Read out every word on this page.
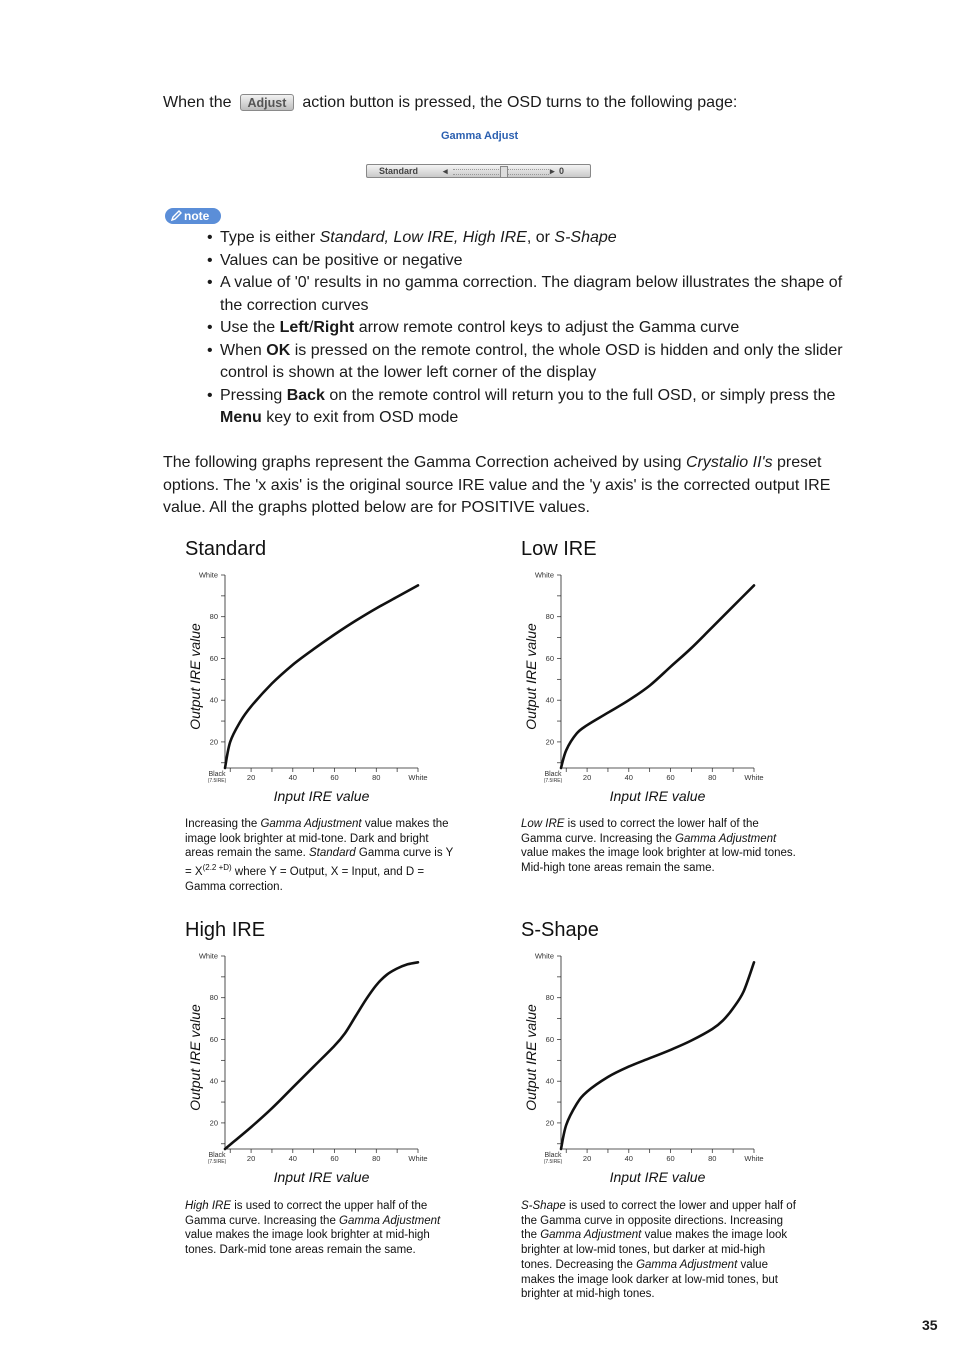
When the Adjust action button is pressed, the OSD turns to the following page:
Gamma Adjust
Standard	◂	▸ 0
note
• Type is either Standard, Low IRE, High IRE, or S-Shape
• Values can be positive or negative
• A value of '0' results in no gamma correction. The diagram below illustrates the shape of the correction curves
• Use the Left/Right arrow remote control keys to adjust the Gamma curve
• When OK is pressed on the remote control, the whole OSD is hidden and only the slider control is shown at the lower left corner of the display
• Pressing Back on the remote control will return you to the full OSD, or simply press the Menu key to exit from OSD mode
The following graphs represent the Gamma Correction acheived by using Crystalio II's preset options. The 'x axis' is the original source IRE value and the 'y axis' is the corrected output IRE value. All the graphs plotted below are for POSITIVE values.
Standard
Black
(7.5IRE)	20	40	60	80	White
20
40
60
80
White
Input IRE value
Output IRE value
Increasing the Gamma Adjustment value makes the image look brighter at mid-tone. Dark and bright areas remain the same. Standard Gamma curve is $Y = X^{(2.2 +D)}$ where Y = Output, X = Input, and D = Gamma correction.
Low IRE
Black
(7.5IRE)	20	40	60	80	White
20
40
60
80
White
Input IRE value
Output IRE value
Low IRE is used to correct the lower half of the Gamma curve. Increasing the Gamma Adjustment value makes the image look brighter at low-mid tones. Mid-high tone areas remain the same.
High IRE
Black
(7.5IRE)	20	40	60	80	White
20
40
60
80
White
Input IRE value
Output IRE value
High IRE is used to correct the upper half of the Gamma curve. Increasing the Gamma Adjustment value makes the image look brighter at mid-high tones. Dark-mid tone areas remain the same.
S-Shape
Black
(7.5IRE)	20	40	60	80	White
20
40
60
80
White
Input IRE value
Output IRE value
S-Shape is used to correct the lower and upper half of the Gamma curve in opposite directions. Increasing the Gamma Adjustment value makes the image look brighter at low-mid tones, but darker at mid-high tones. Decreasing the Gamma Adjustment value makes the image look darker at low-mid tones, but brighter at mid-high tones.
35
